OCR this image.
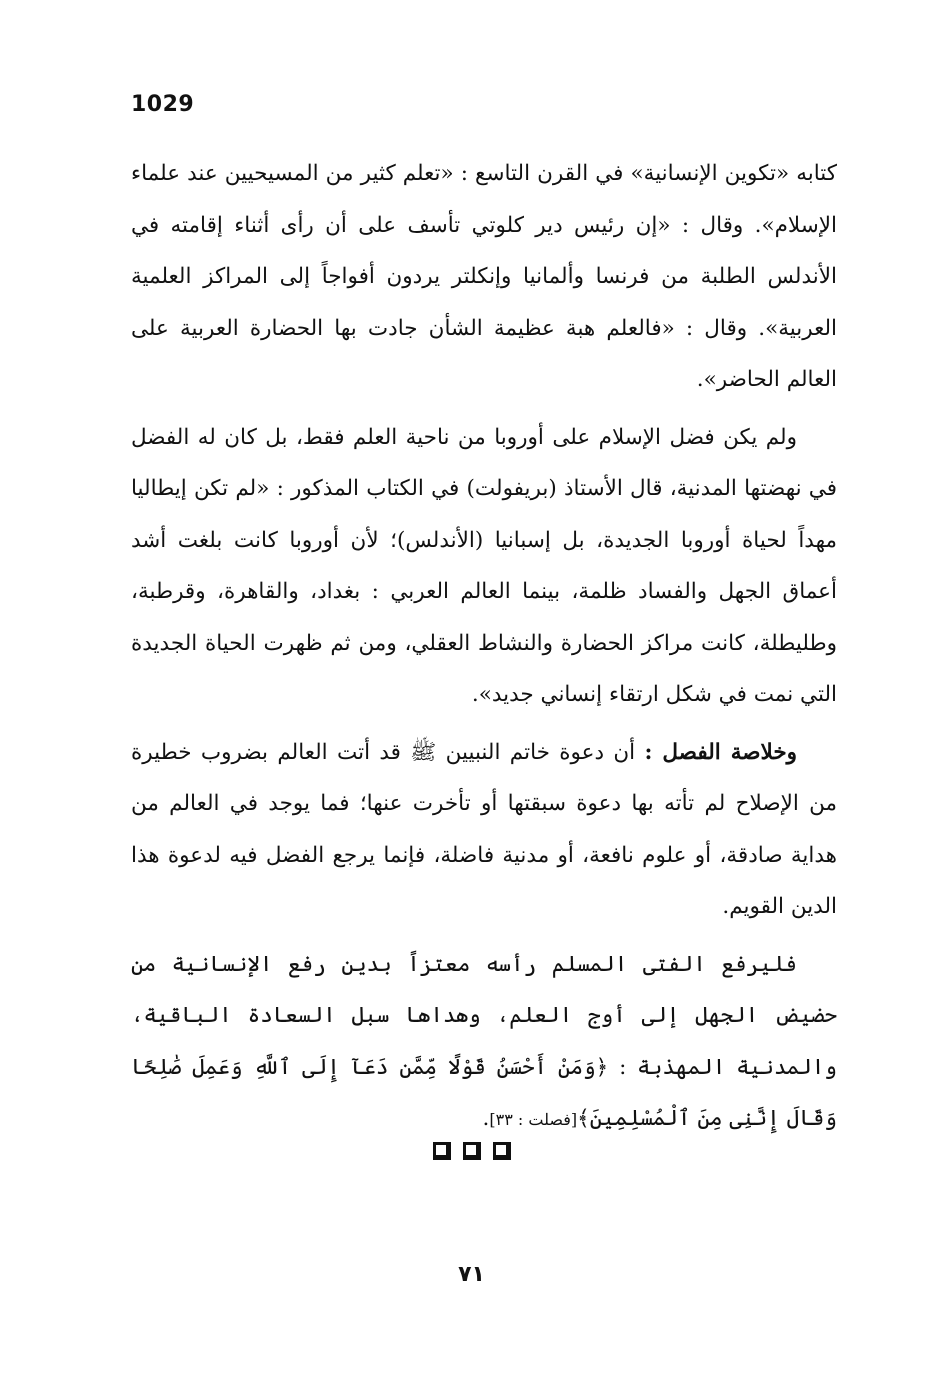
1029

كتابه «تكوين الإنسانية» في القرن التاسع : «تعلم كثير من المسيحيين عند علماء الإسلام». وقال : «إن رئيس دير كلوتي تأسف على أن رأى أثناء إقامته في الأندلس الطلبة من فرنسا وألمانيا وإنكلتر يردون أفواجاً إلى المراكز العلمية العربية». وقال : «فالعلم هبة عظيمة الشأن جادت بها الحضارة العربية على العالم الحاضر».

ولم يكن فضل الإسلام على أوروبا من ناحية العلم فقط، بل كان له الفضل في نهضتها المدنية، قال الأستاذ (بريفولت) في الكتاب المذكور : «لم تكن إيطاليا مهداً لحياة أوروبا الجديدة، بل إسبانيا (الأندلس)؛ لأن أوروبا كانت بلغت أشد أعماق الجهل والفساد ظلمة، بينما العالم العربي : بغداد، والقاهرة، وقرطبة، وطليطلة، كانت مراكز الحضارة والنشاط العقلي، ومن ثم ظهرت الحياة الجديدة التي نمت في شكل ارتقاء إنساني جديد».

وخلاصة الفصل : أن دعوة خاتم النبيين ﷺ قد أتت العالم بضروب خطيرة من الإصلاح لم تأته بها دعوة سبقتها أو تأخرت عنها؛ فما يوجد في العالم من هداية صادقة، أو علوم نافعة، أو مدنية فاضلة، فإنما يرجع الفضل فيه لدعوة هذا الدين القويم.

فليرفع الفتى المسلم رأسه معتزاً بدين رفع الإنسانية من حضيض الجهل إلى أوج العلم، وهداها سبل السعادة الباقية، والمدنية المهذبة : ﴿وَمَنْ أَحْسَنُ قَوْلًا مِّمَّن دَعَآ إِلَى ٱللَّهِ وَعَمِلَ صَٰلِحًا وَقَالَ إِنَّنِى مِنَ ٱلْمُسْلِمِينَ﴾[فصلت : ٣٣].

٧١
